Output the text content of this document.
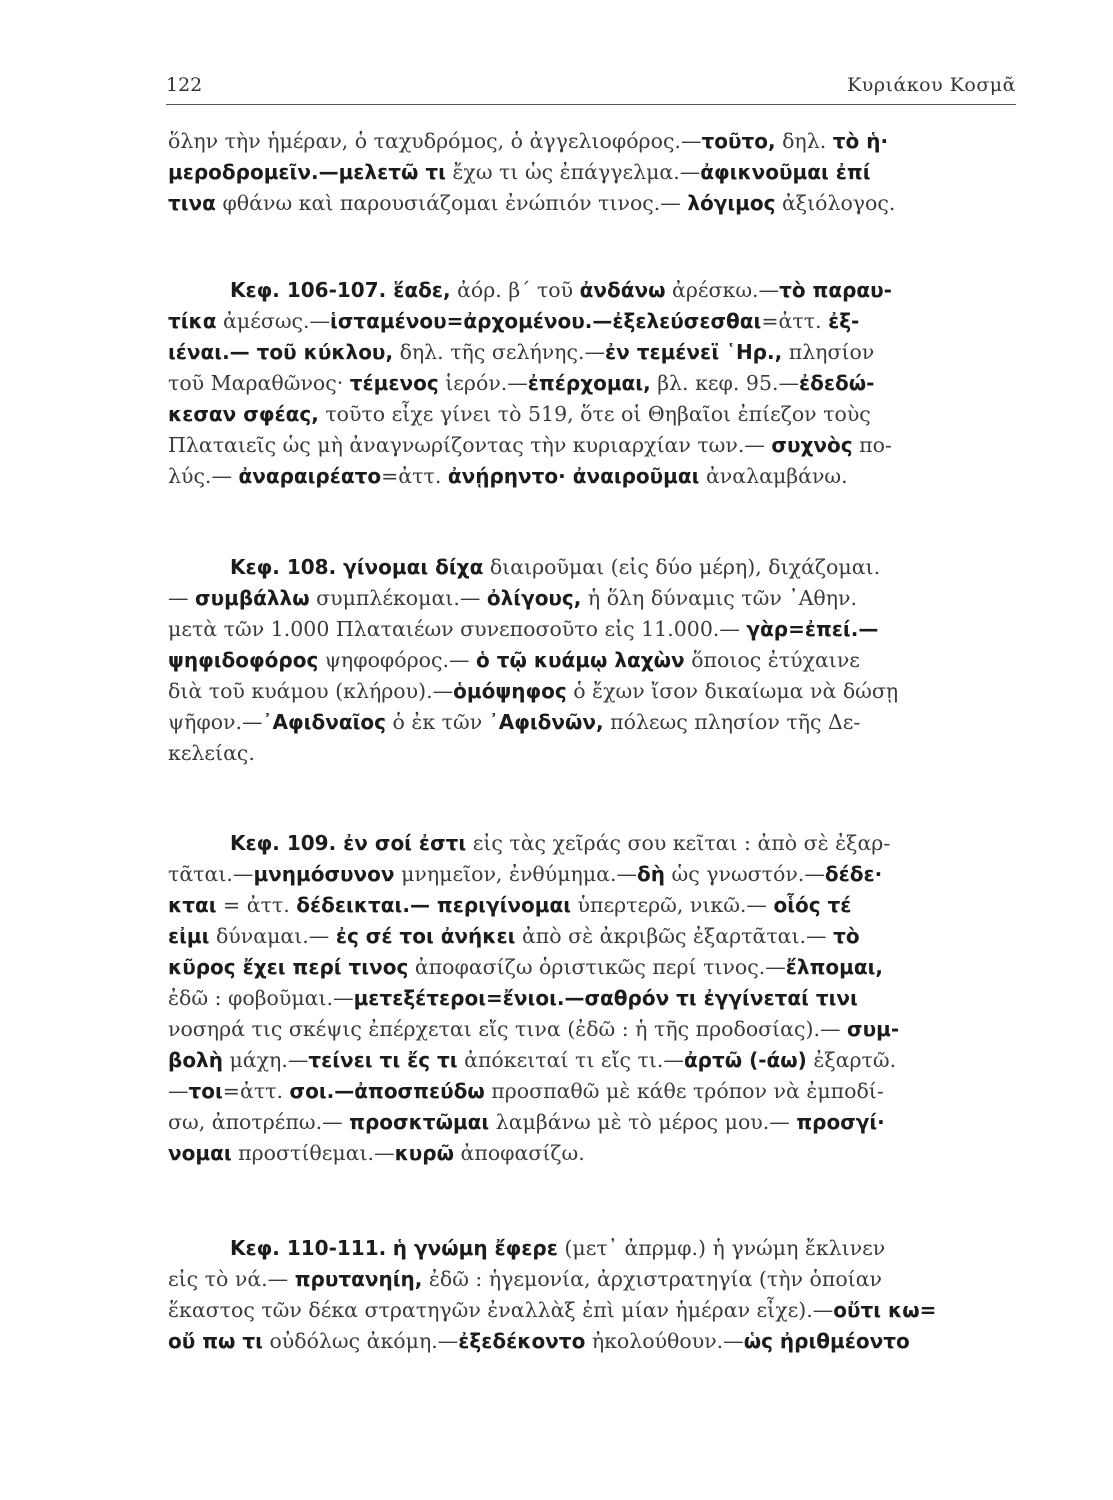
122	Κυριάκου Κοσμᾶ
ὅλην τὴν ἡμέραν, ὁ ταχυδρόμος, ὁ ἀγγελιοφόρος.—τοῦτο, δηλ. τὸ ἡ·
μεροδρομεῖν.—μελετῶ τι ἔχω τι ὡς ἐπάγγελμα.—ἀφικνοῦμαι ἐπί
τινα φθάνω καὶ παρουσιάζομαι ἐνώπιόν τινος.— λόγιμος ἀξιόλογος.
Κεφ. 106-107. ἕαδε, ἀόρ. β΄ τοῦ ἀνδάνω ἀρέσκω.—τὸ παραυ-
τίκα ἀμέσως.—ἱσταμένου=ἀρχομένου.—ἐξελεύσεσθαι=ἀττ. ἐξ-
ιέναι.— τοῦ κύκλου, δηλ. τῆς σελήνης.—ἐν τεμένεϊ ῾Ηρ., πλησίον
τοῦ Μαραθῶνος· τέμενος ἱερόν.—ἐπέρχομαι, βλ. κεφ. 95.—ἐδεδώ-
κεσαν σφέας, τοῦτο εἶχε γίνει τὸ 519, ὅτε οἱ Θηβαῖοι ἐπίεζον τοὺς
Πλαταιεῖς ὡς μὴ ἀναγνωρίζοντας τὴν κυριαρχίαν των.— συχνὸς πο-
λύς.— ἀναραιρέατο=ἀττ. ἀνῄρηντο· ἀναιροῦμαι ἀναλαμβάνω.
Κεφ. 108. γίνομαι δίχα διαιροῦμαι (εἰς δύο μέρη), διχάζομαι.
— συμβάλλω συμπλέκομαι.— ὀλίγους, ἡ ὅλη δύναμις τῶν ᾽Αθην.
μετὰ τῶν 1.000 Πλαταιέων συνεποσοῦτο εἰς 11.000.— γὰρ=ἐπεί.—
ψηφιδοφόρος ψηφοφόρος.— ὁ τῷ κυάμῳ λαχὼν ὅποιος ἐτύχαινε
διὰ τοῦ κυάμου (κλήρου).—ὁμόψηφος ὁ ἔχων ἴσον δικαίωμα νὰ δώσῃ
ψῆφον.—᾽Αφιδναῖος ὁ ἐκ τῶν ᾽Αφιδνῶν, πόλεως πλησίον τῆς Δε-
κελείας.
Κεφ. 109. ἐν σοί ἐστι εἰς τὰς χεῖράς σου κεῖται : ἀπὸ σὲ ἐξαρ-
τᾶται.—μνημόσυνον μνημεῖον, ἐνθύμημα.—δὴ ὡς γνωστόν.—δέδε·
κται = ἀττ. δέδεικται.— περιγίνομαι ὑπερτερῶ, νικῶ.— οἷός τέ
εἰμι δύναμαι.— ἐς σέ τοι ἀνήκει ἀπὸ σὲ ἀκριβῶς ἐξαρτᾶται.— τὸ
κῦρος ἔχει περί τινος ἀποφασίζω ὁριστικῶς περί τινος.—ἔλπομαι,
ἐδῶ : φοβοῦμαι.—μετεξέτεροι=ἔνιοι.—σαθρόν τι ἐγγίνεταί τινι
νοσηρά τις σκέψις ἐπέρχεται εἴς τινα (ἐδῶ : ἡ τῆς προδοσίας).— συμ-
βολὴ μάχη.—τείνει τι ἔς τι ἀπόκειταί τι εἴς τι.—ἀρτῶ (-άω) ἐξαρτῶ.
—τοι=ἀττ. σοι.—ἀποσπεύδω προσπαθῶ μὲ κάθε τρόπον νὰ ἐμποδί-
σω, ἀποτρέπω.— προσκτῶμαι λαμβάνω μὲ τὸ μέρος μου.— προσγί·
νομαι προστίθεμαι.—κυρῶ ἀποφασίζω.
Κεφ. 110-111. ἡ γνώμη ἔφερε (μετ᾽ ἀπρμφ.) ἡ γνώμη ἔκλινεν
εἰς τὸ νά.— πρυτανηίη, ἐδῶ : ἡγεμονία, ἀρχιστρατηγία (τὴν ὁποίαν
ἕκαστος τῶν δέκα στρατηγῶν ἐναλλὰξ ἐπὶ μίαν ἡμέραν εἶχε).—οὔτι κω=
οὔ πω τι οὐδόλως ἀκόμη.—ἐξεδέκοντο ἠκολούθουν.—ὡς ἠριθμέοντο
